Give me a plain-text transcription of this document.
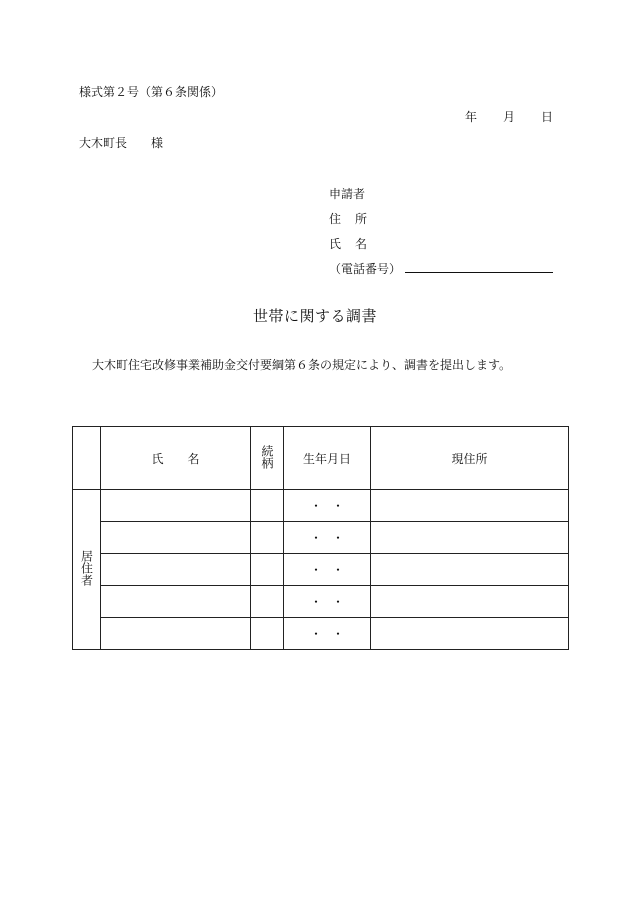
様式第２号（第６条関係）
年 月 日
大木町長 様
申請者
住 所
氏 名
（電話番号）
世帯に関する調書
大木町住宅改修事業補助金交付要綱第６条の規定により、調書を提出します。
	氏 名	続柄	生年月日	現住所
居住者			・ ・	
			・ ・	
			・ ・	
			・ ・	
			・ ・	
